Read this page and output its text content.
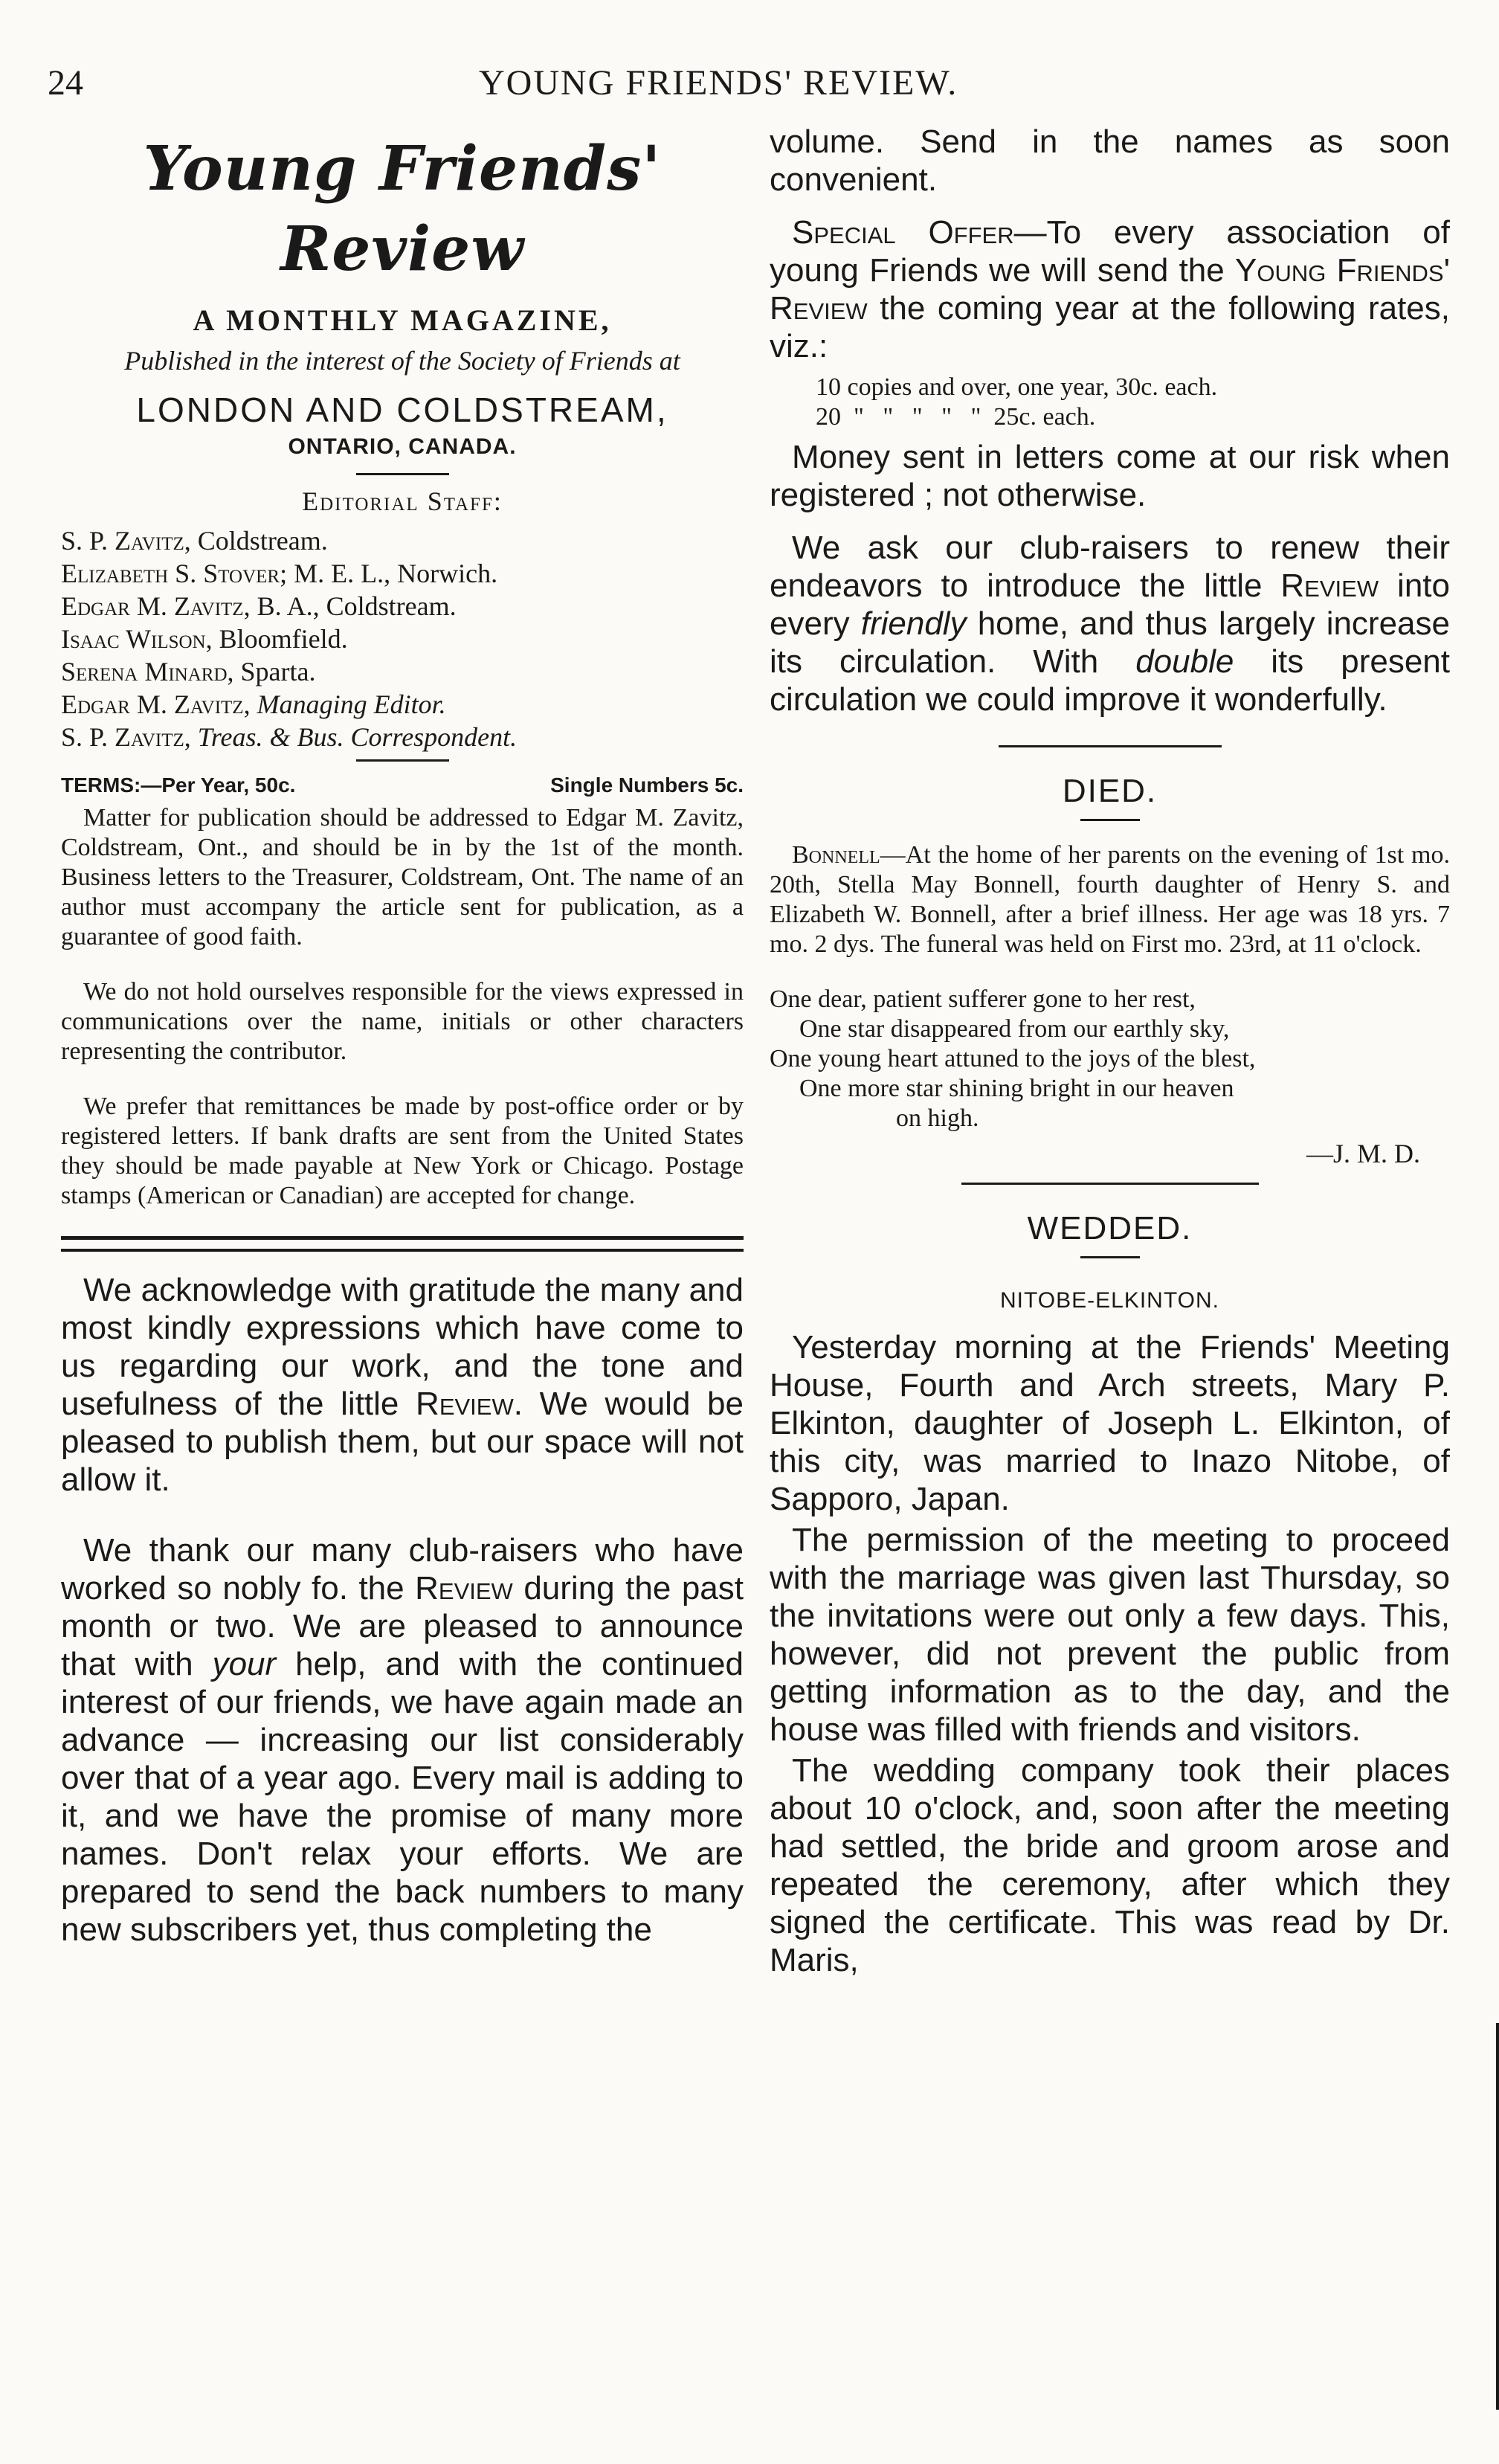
24	YOUNG FRIENDS' REVIEW.
Young Friends' Review
A MONTHLY MAGAZINE,
Published in the interest of the Society of Friends at
LONDON AND COLDSTREAM,
ONTARIO, CANADA.
Editorial Staff:
S. P. Zavitz, Coldstream.
Elizabeth S. Stover; M. E. L., Norwich.
Edgar M. Zavitz, B. A., Coldstream.
Isaac Wilson, Bloomfield.
Serena Minard, Sparta.
Edgar M. Zavitz, Managing Editor.
S. P. Zavitz, Treas. & Bus. Correspondent.
TERMS:—Per Year, 50c.	Single Numbers 5c.

Matter for publication should be addressed to Edgar M. Zavitz, Coldstream, Ont., and should be in by the 1st of the month. Business letters to the Treasurer, Coldstream, Ont. The name of an author must accompany the article sent for publication, as a guarantee of good faith.

We do not hold ourselves responsible for the views expressed in communications over the name, initials or other characters representing the contributor.

We prefer that remittances be made by post-office order or by registered letters. If bank drafts are sent from the United States they should be made payable at New York or Chicago. Postage stamps (American or Canadian) are accepted for change.

We acknowledge with gratitude the many and most kindly expressions which have come to us regarding our work, and the tone and usefulness of the little Review. We would be pleased to publish them, but our space will not allow it.

We thank our many club-raisers who have worked so nobly fo. the Review during the past month or two. We are pleased to announce that with your help, and with the continued interest of our friends, we have again made an advance — increasing our list considerably over that of a year ago. Every mail is adding to it, and we have the promise of many more names. Don't relax your efforts. We are prepared to send the back numbers to many new subscribers yet, thus completing the

volume. Send in the names as soon convenient.
Special Offer—To every association of young Friends we will send the Young Friends' Review the coming year at the following rates, viz.:
10 copies and over, one year, 30c. each.
20  "   "   "   "   "  25c. each.
Money sent in letters come at our risk when registered ; not otherwise.
We ask our club-raisers to renew their endeavors to introduce the little Review into every friendly home, and thus largely increase its circulation. With double its present circulation we could improve it wonderfully.
DIED.

Bonnell—At the home of her parents on the evening of 1st mo. 20th, Stella May Bonnell, fourth daughter of Henry S. and Elizabeth W. Bonnell, after a brief illness. Her age was 18 yrs. 7 mo. 2 dys. The funeral was held on First mo. 23rd, at 11 o'clock.

One dear, patient sufferer gone to her rest,
One star disappeared from our earthly sky,
One young heart attuned to the joys of the blest,
One more star shining bright in our heaven
on high.
—J. M. D.
WEDDED.
NITOBE-ELKINTON.
Yesterday morning at the Friends' Meeting House, Fourth and Arch streets, Mary P. Elkinton, daughter of Joseph L. Elkinton, of this city, was married to Inazo Nitobe, of Sapporo, Japan.
The permission of the meeting to proceed with the marriage was given last Thursday, so the invitations were out only a few days. This, however, did not prevent the public from getting information as to the day, and the house was filled with friends and visitors.
The wedding company took their places about 10 o'clock, and, soon after the meeting had settled, the bride and groom arose and repeated the ceremony, after which they signed the certificate. This was read by Dr. Maris,
